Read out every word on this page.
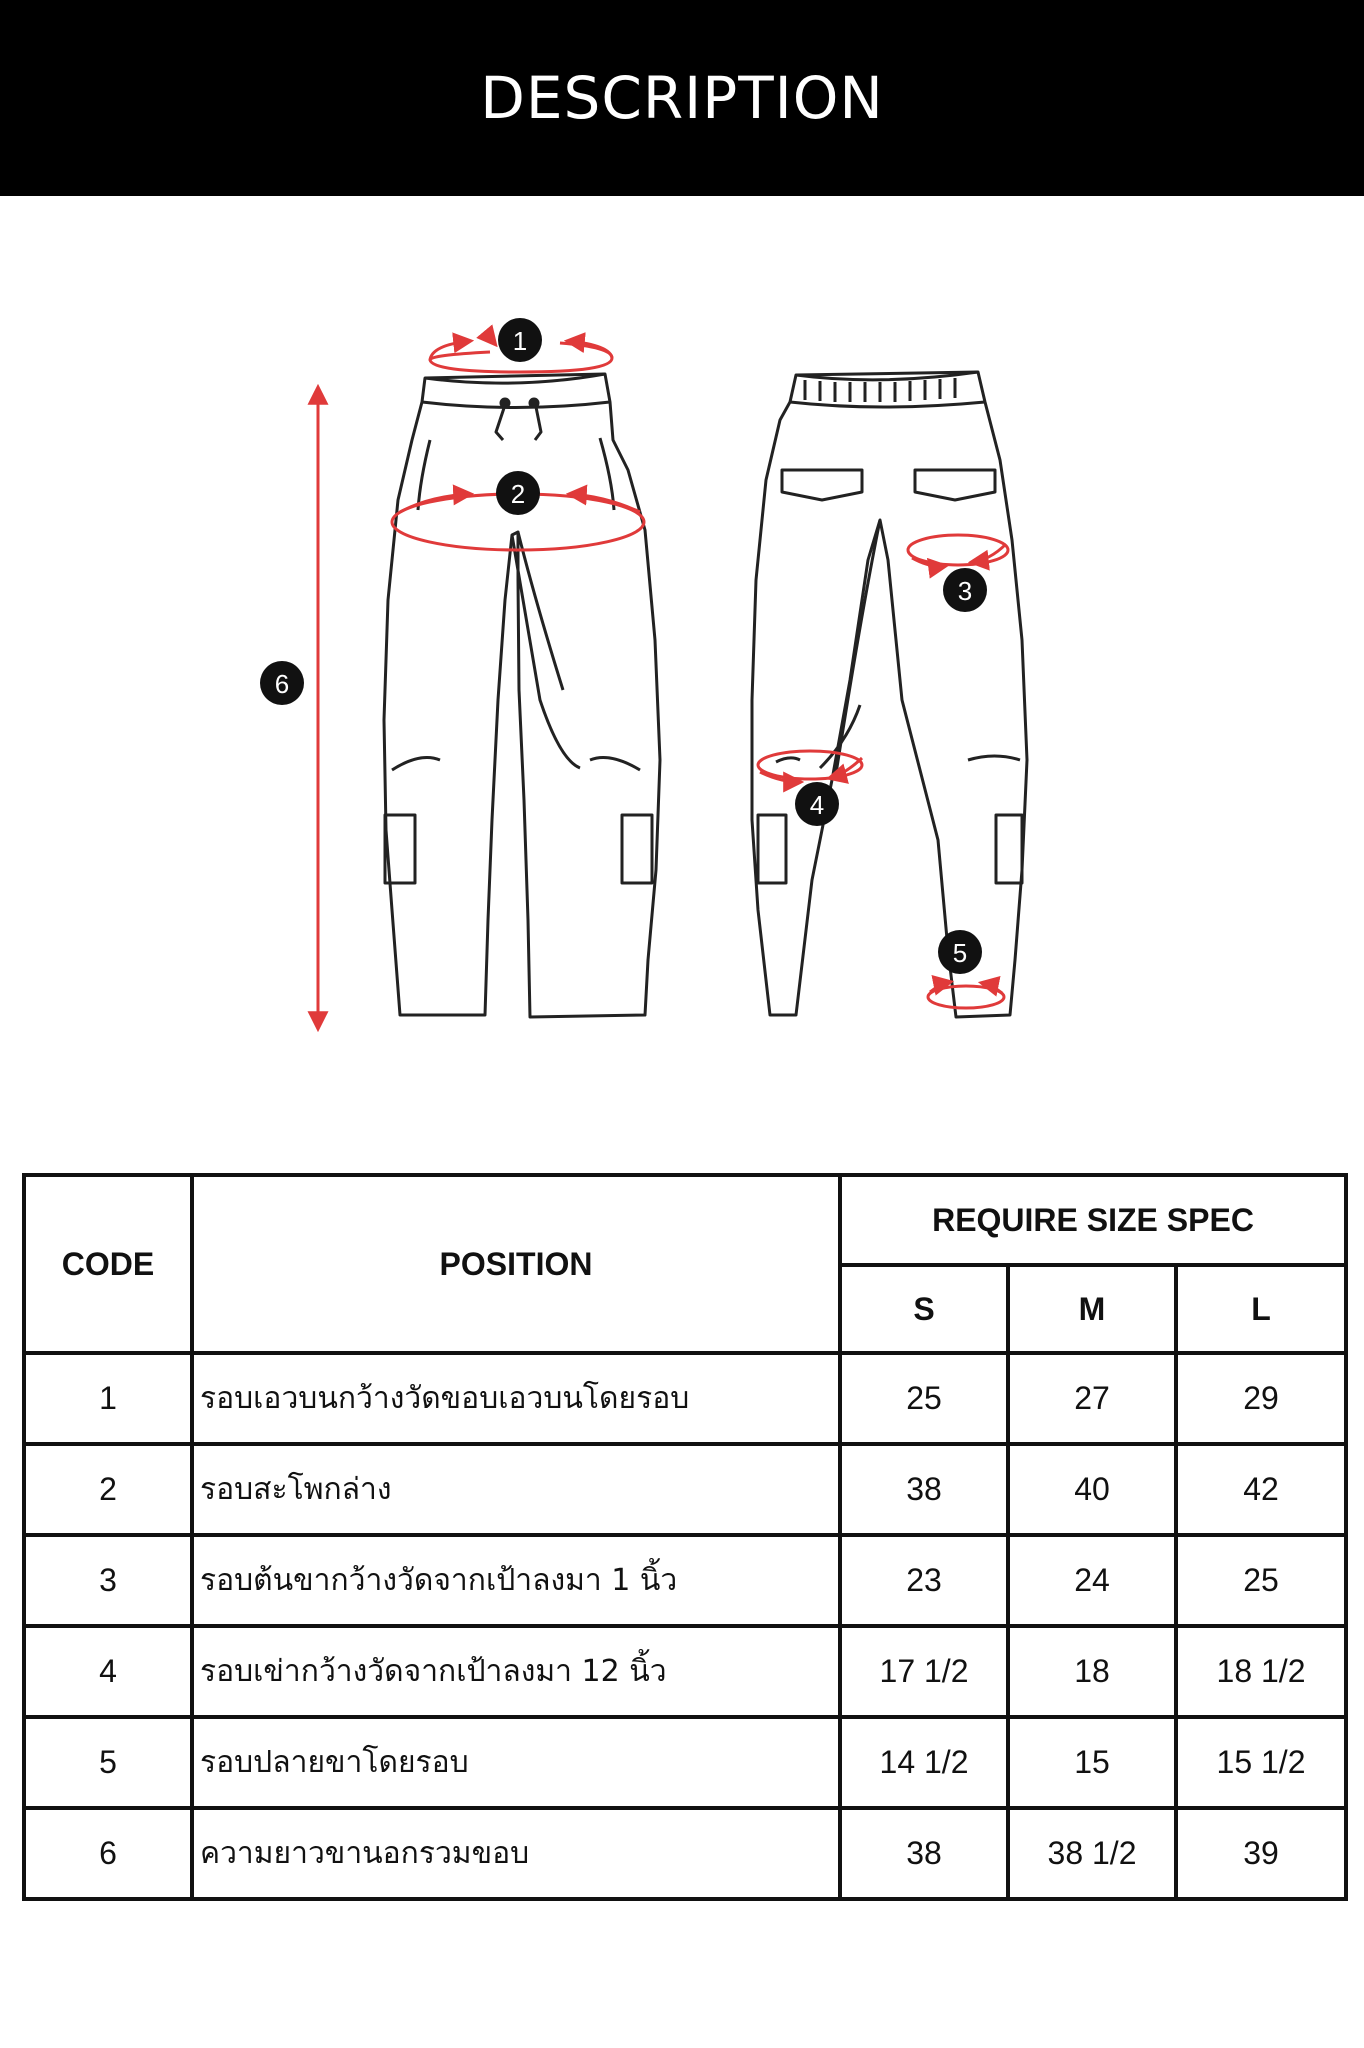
DESCRIPTION
1
2
3
4
5
6
CODE	POSITION	REQUIRE SIZE SPEC		
		S	M	L
1	รอบเอวบนกว้างวัดขอบเอวบนโดยรอบ	25	27	29
2	รอบสะโพกล่าง	38	40	42
3	รอบต้นขากว้างวัดจากเป้าลงมา 1 นิ้ว	23	24	25
4	รอบเข่ากว้างวัดจากเป้าลงมา 12 นิ้ว	17 1/2	18	18 1/2
5	รอบปลายขาโดยรอบ	14 1/2	15	15 1/2
6	ความยาวขานอกรวมขอบ	38	38 1/2	39
